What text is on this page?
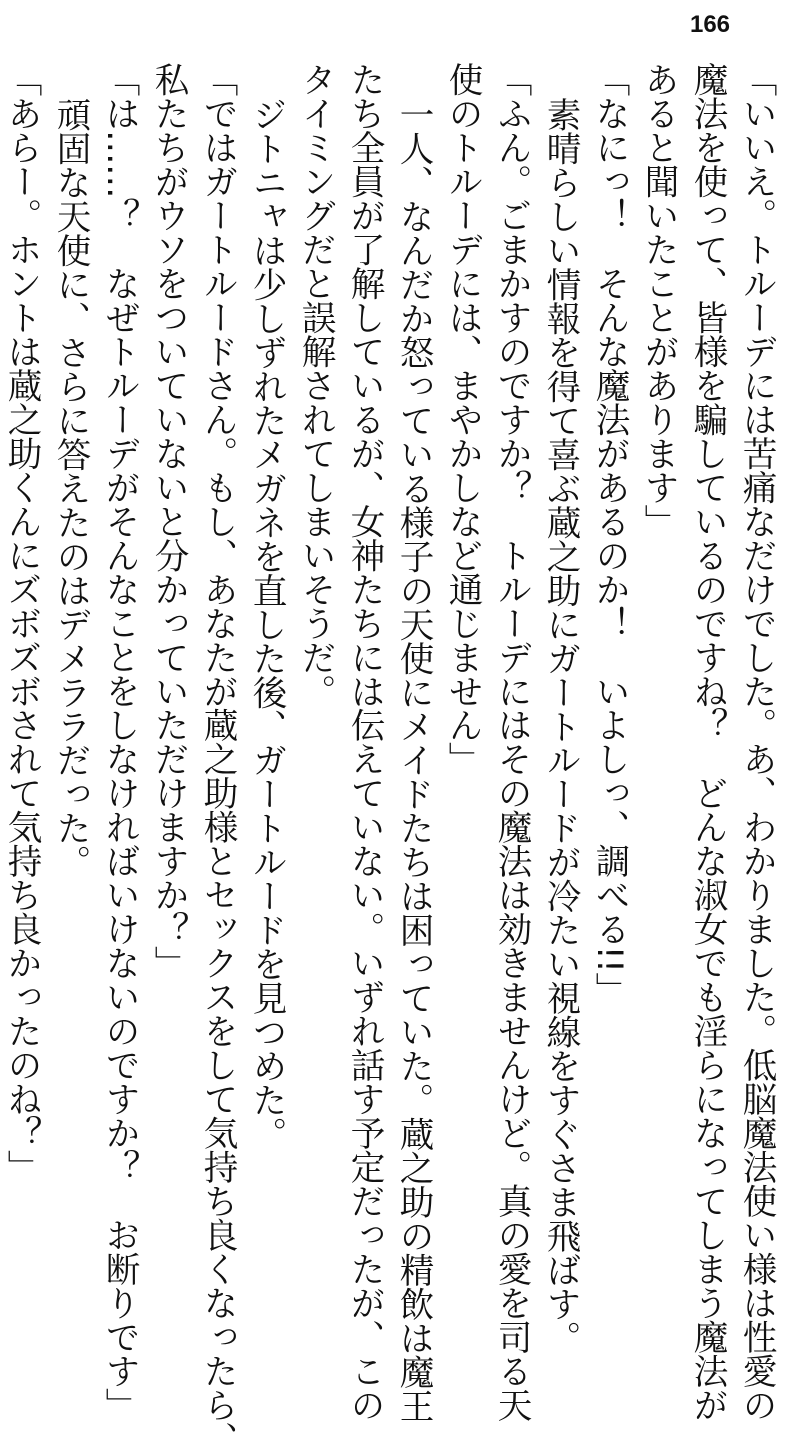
166
「いいえ。トルーデには苦痛なだけでした。あ、わかりました。低脳魔法使い様は性愛の
魔法を使って、皆様を騙しているのですね？　どんな淑女でも淫らになってしまう魔法が
あると聞いたことがあります」
「なにっ！　そんな魔法があるのか！　いよしっ、調べる!!」
素晴らしい情報を得て喜ぶ蔵之助にガートルードが冷たい視線をすぐさま飛ばす。
「ふん。ごまかすのですか？　トルーデにはその魔法は効きませんけど。真の愛を司る天
使のトルーデには、まやかしなど通じません」
一人、なんだか怒っている様子の天使にメイドたちは困っていた。蔵之助の精飲は魔王
たち全員が了解しているが、女神たちには伝えていない。いずれ話す予定だったが、この
タイミングだと誤解されてしまいそうだ。
ジトニャは少しずれたメガネを直した後、ガートルードを見つめた。
「ではガートルードさん。もし、あなたが蔵之助様とセックスをして気持ち良くなったら、
私たちがウソをついていないと分かっていただけますか？」
「は……？　なぜトルーデがそんなことをしなければいけないのですか？　お断りです」
頑固な天使に、さらに答えたのはデメララだった。
「あらー。ホントは蔵之助くんにズボズボされて気持ち良かったのね？」
